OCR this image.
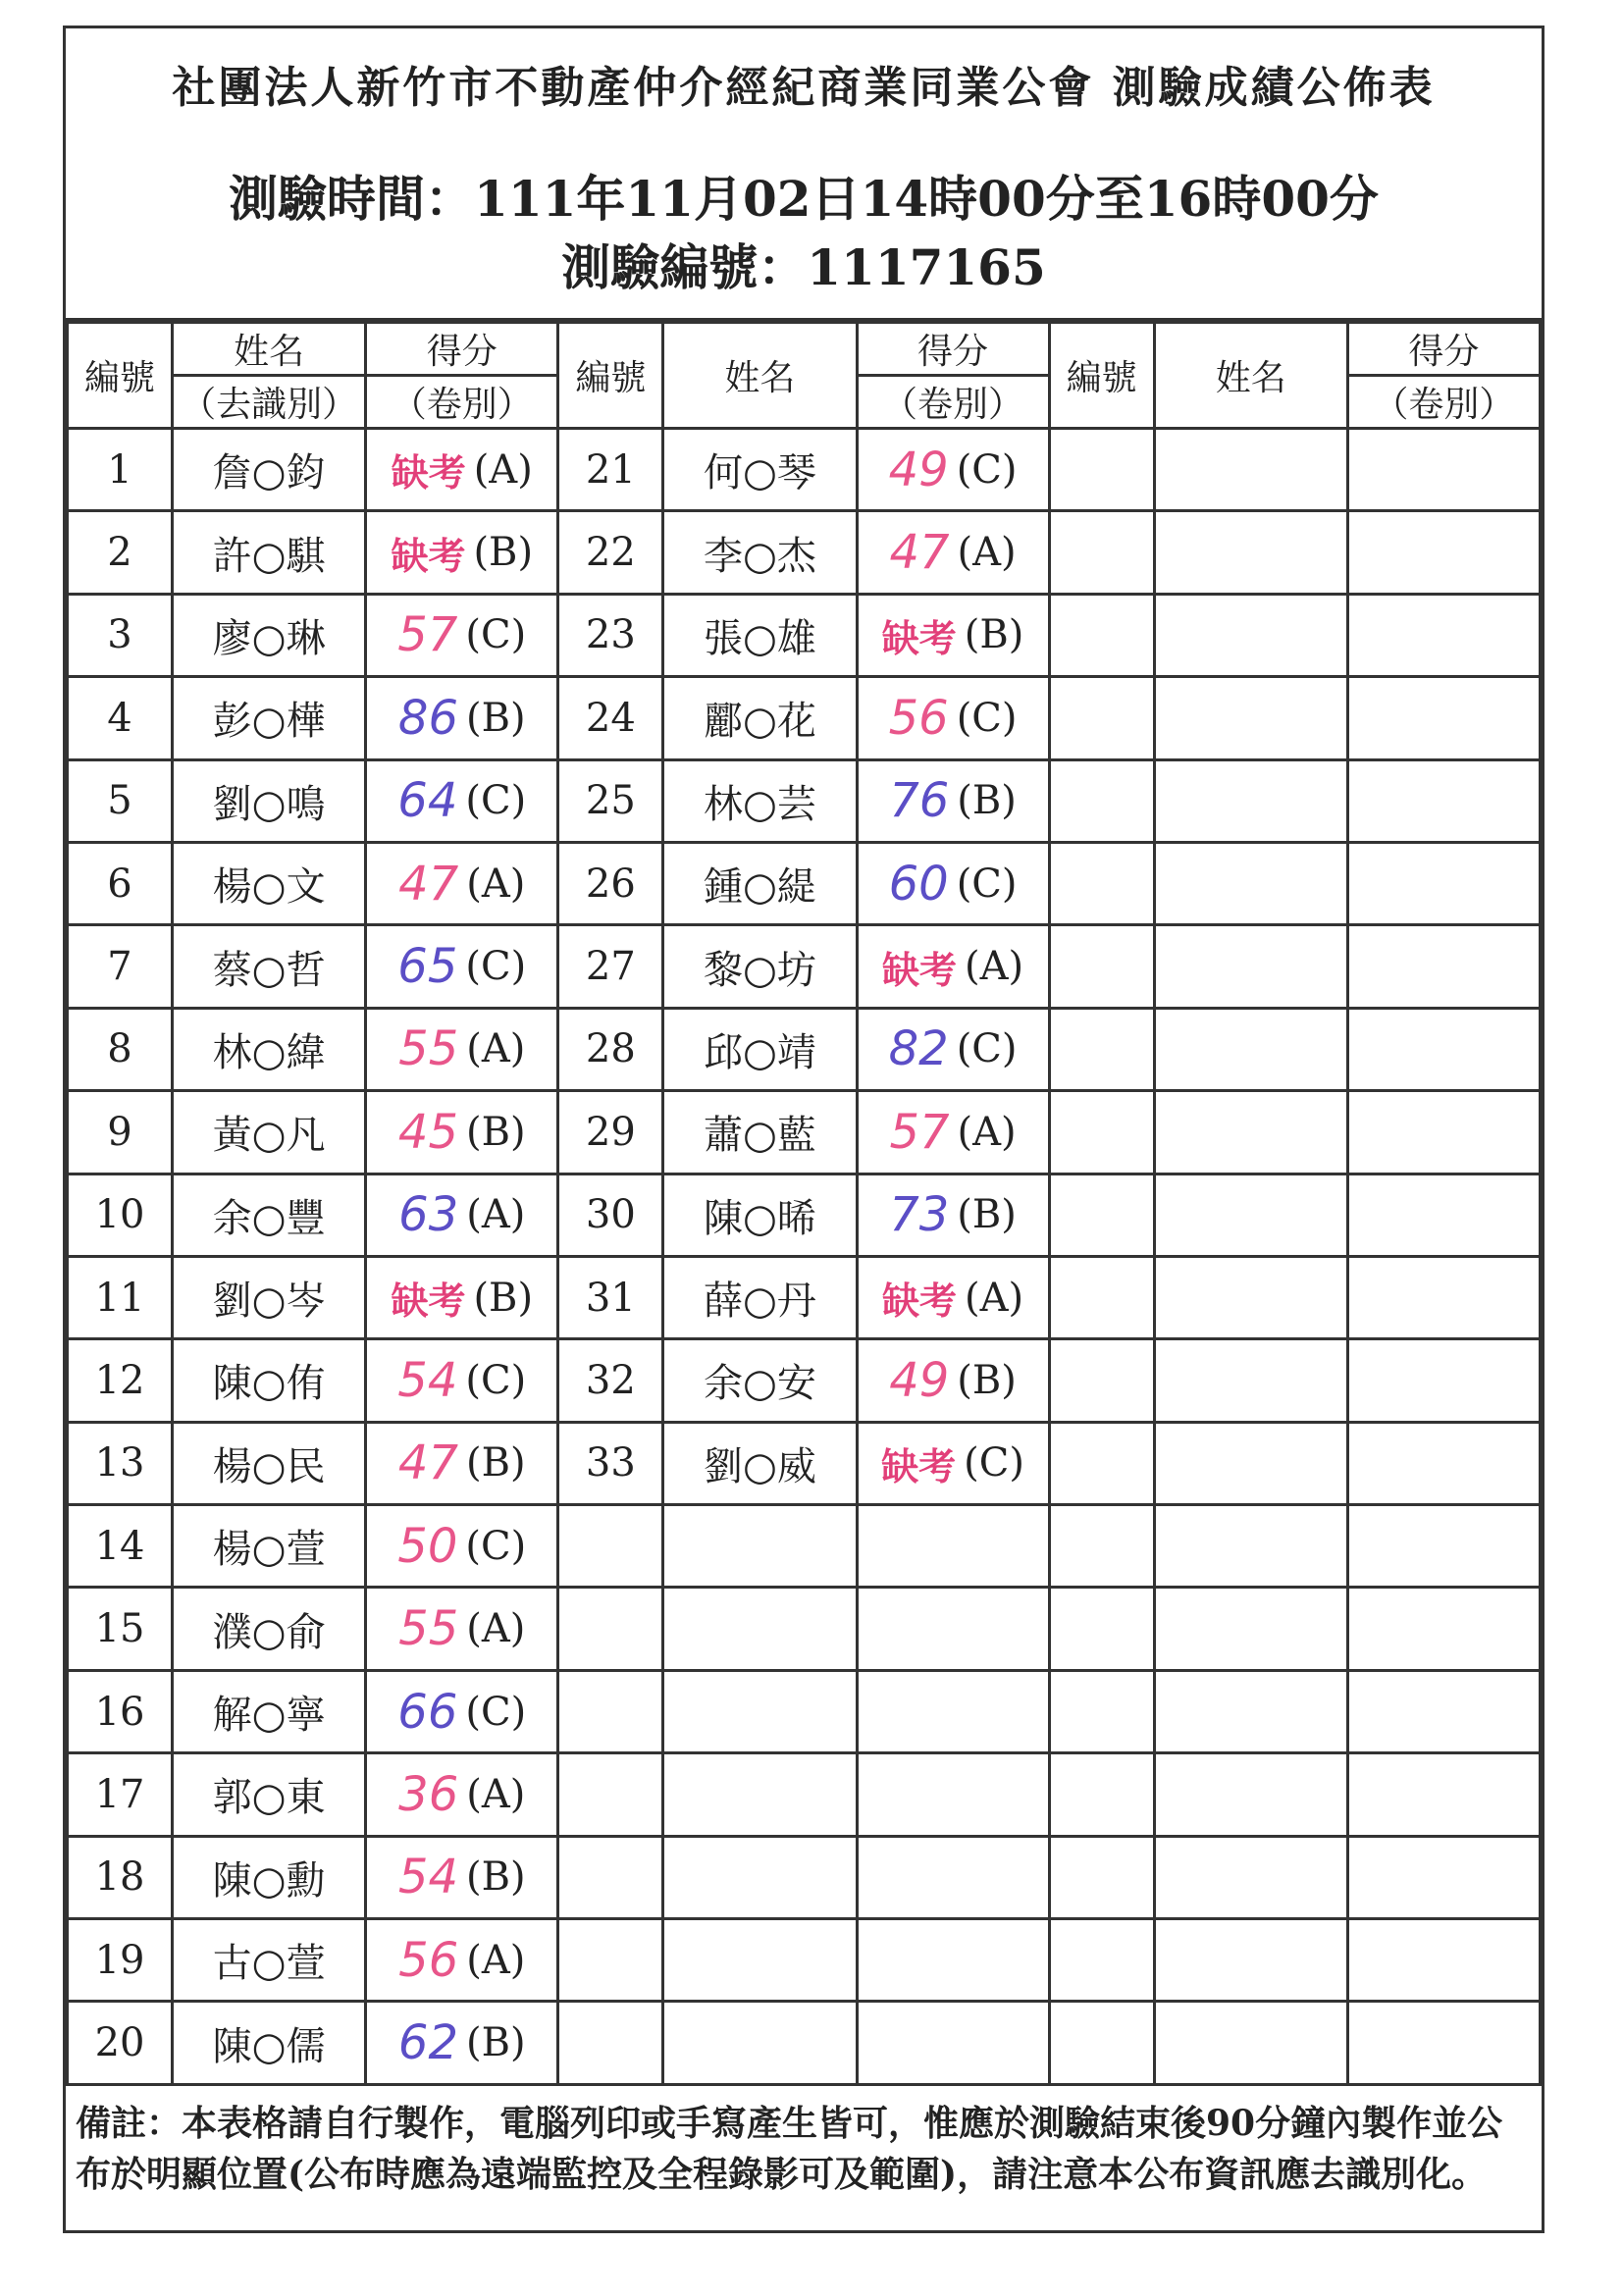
社團法人新竹市不動產仲介經紀商業同業公會 測驗成績公佈表
測驗時間：111年11月02日14時00分至16時00分
測驗編號：1117165
編號	姓名	得分	編號	姓名	得分	編號	姓名	得分
	（去識別）	（卷別）			（卷別）			（卷別）
1	詹○鈞	缺考 (A)	21	何○琴	49 (C)			

2	許○騏	缺考 (B)	22	李○杰	47 (A)			

3	廖○琳	57 (C)	23	張○雄	缺考 (B)			

4	彭○樺	86 (B)	24	酈○花	56 (C)			

5	劉○鳴	64 (C)	25	林○芸	76 (B)			

6	楊○文	47 (A)	26	鍾○緹	60 (C)			

7	蔡○哲	65 (C)	27	黎○坊	缺考 (A)			

8	林○緯	55 (A)	28	邱○靖	82 (C)			

9	黃○凡	45 (B)	29	蕭○藍	57 (A)			

10	余○豐	63 (A)	30	陳○晞	73 (B)			

11	劉○岑	缺考 (B)	31	薛○丹	缺考 (A)			

12	陳○侑	54 (C)	32	余○安	49 (B)			

13	楊○民	47 (B)	33	劉○威	缺考 (C)			

14	楊○萱	50 (C)						

15	濮○俞	55 (A)						

16	解○寧	66 (C)						

17	郭○東	36 (A)						

18	陳○勳	54 (B)						

19	古○萱	56 (A)						

20	陳○儒	62 (B)						

備註：本表格請自行製作，電腦列印或手寫產生皆可，惟應於測驗結束後90分鐘內製作並公布於明顯位置(公布時應為遠端監控及全程錄影可及範圍)，請注意本公布資訊應去識別化。
